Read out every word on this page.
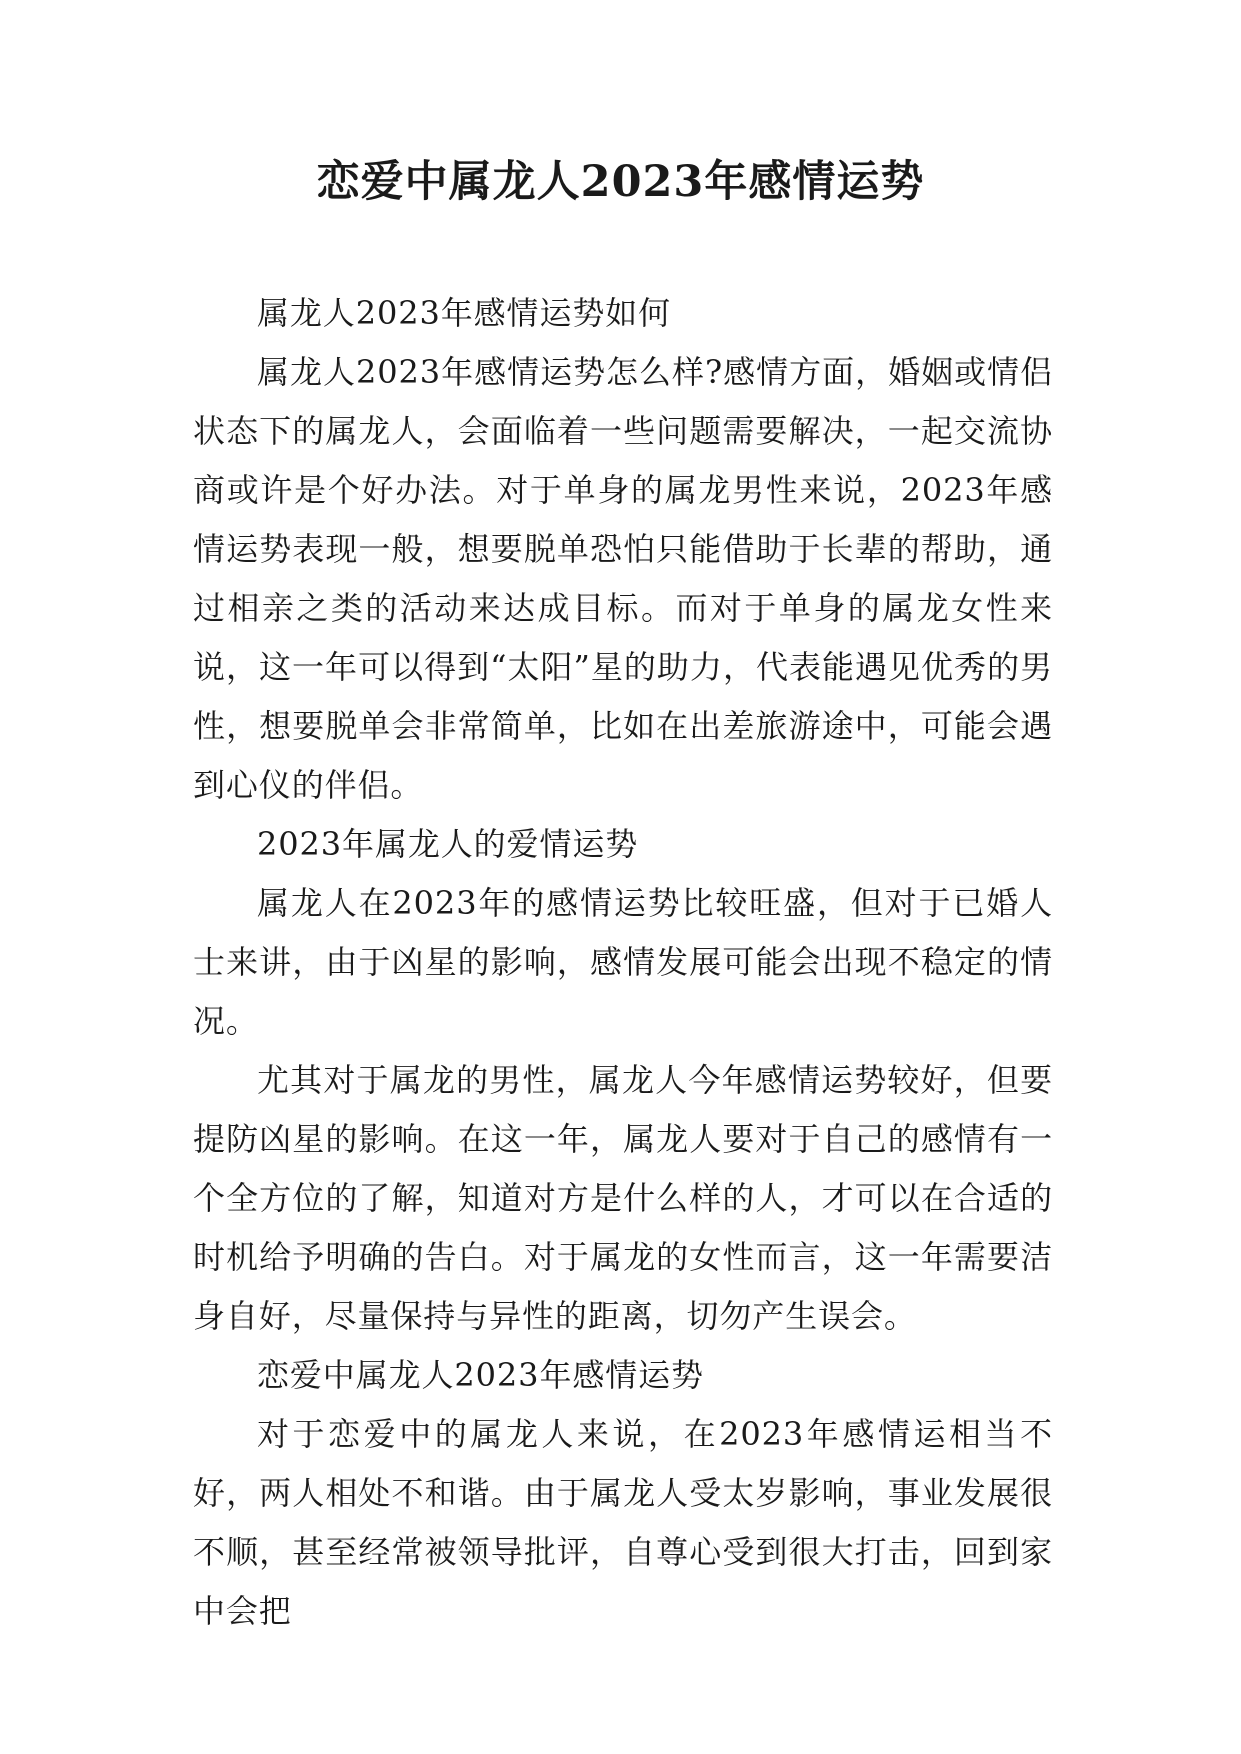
恋爱中属龙人2023年感情运势

属龙人2023年感情运势如何

属龙人2023年感情运势怎么样?感情方面，婚姻或情侣状态下的属龙人，会面临着一些问题需要解决，一起交流协商或许是个好办法。对于单身的属龙男性来说，2023年感情运势表现一般，想要脱单恐怕只能借助于长辈的帮助，通过相亲之类的活动来达成目标。而对于单身的属龙女性来说，这一年可以得到“太阳”星的助力，代表能遇见优秀的男性，想要脱单会非常简单，比如在出差旅游途中，可能会遇到心仪的伴侣。

2023年属龙人的爱情运势

属龙人在2023年的感情运势比较旺盛，但对于已婚人士来讲，由于凶星的影响，感情发展可能会出现不稳定的情况。

尤其对于属龙的男性，属龙人今年感情运势较好，但要提防凶星的影响。在这一年，属龙人要对于自己的感情有一个全方位的了解，知道对方是什么样的人，才可以在合适的时机给予明确的告白。对于属龙的女性而言，这一年需要洁身自好，尽量保持与异性的距离，切勿产生误会。

恋爱中属龙人2023年感情运势

对于恋爱中的属龙人来说，在2023年感情运相当不好，两人相处不和谐。由于属龙人受太岁影响，事业发展很不顺，甚至经常被领导批评，自尊心受到很大打击，回到家中会把
